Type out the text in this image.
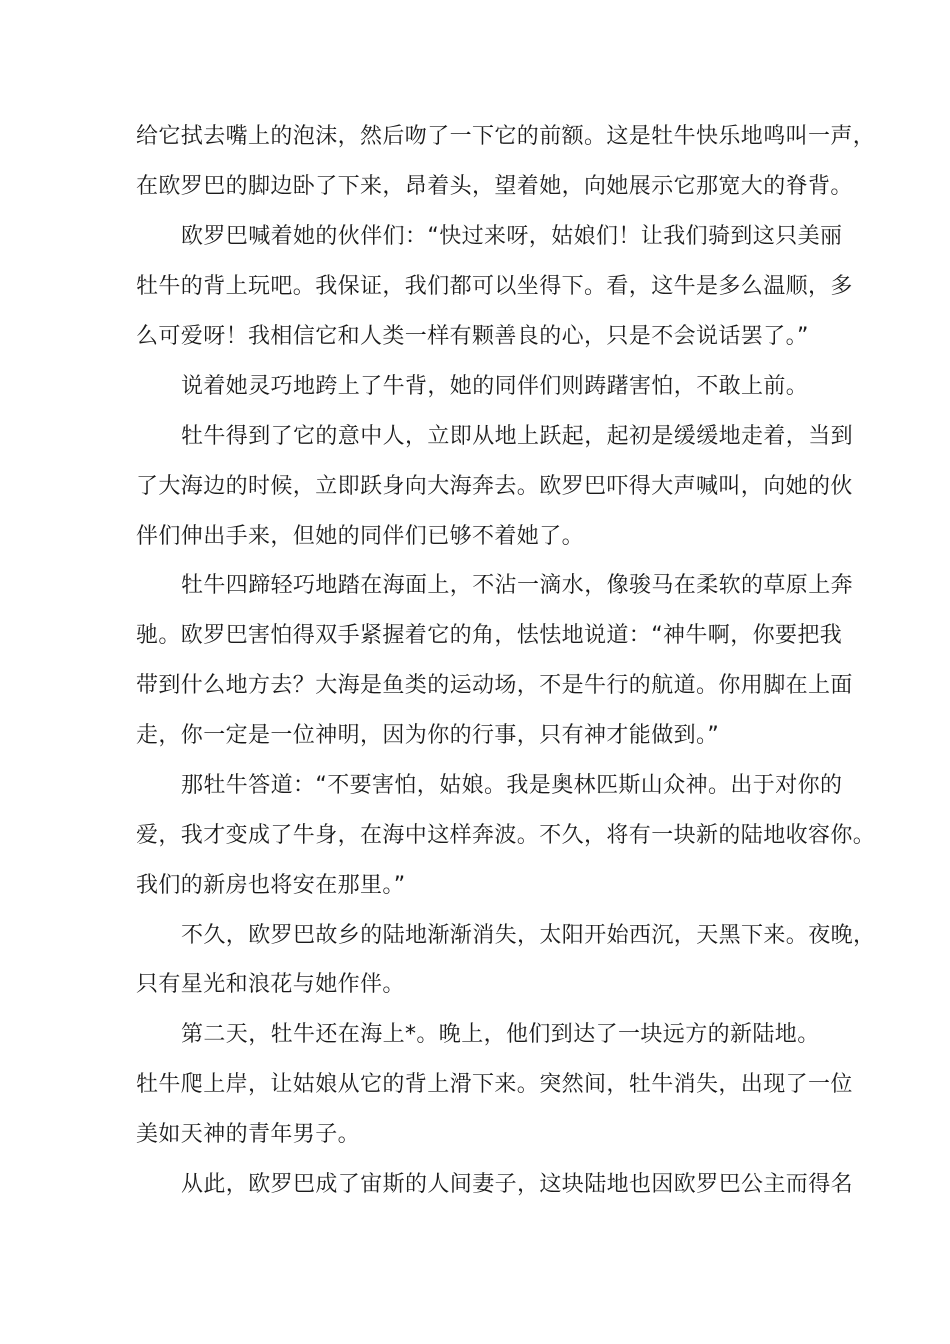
给它拭去嘴上的泡沫，然后吻了一下它的前额。这是牡牛快乐地鸣叫一声，
在欧罗巴的脚边卧了下来，昂着头，望着她，向她展示它那宽大的脊背。
欧罗巴喊着她的伙伴们：“快过来呀，姑娘们！让我们骑到这只美丽
牡牛的背上玩吧。我保证，我们都可以坐得下。看，这牛是多么温顺，多
么可爱呀！我相信它和人类一样有颗善良的心，只是不会说话罢了。”
说着她灵巧地跨上了牛背，她的同伴们则踌躇害怕，不敢上前。
牡牛得到了它的意中人，立即从地上跃起，起初是缓缓地走着，当到
了大海边的时候，立即跃身向大海奔去。欧罗巴吓得大声喊叫，向她的伙
伴们伸出手来，但她的同伴们已够不着她了。
牡牛四蹄轻巧地踏在海面上，不沾一滴水，像骏马在柔软的草原上奔
驰。欧罗巴害怕得双手紧握着它的角，怯怯地说道：“神牛啊，你要把我
带到什么地方去？大海是鱼类的运动场，不是牛行的航道。你用脚在上面
走，你一定是一位神明，因为你的行事，只有神才能做到。”
那牡牛答道：“不要害怕，姑娘。我是奥林匹斯山众神。出于对你的
爱，我才变成了牛身，在海中这样奔波。不久，将有一块新的陆地收容你。
我们的新房也将安在那里。”
不久，欧罗巴故乡的陆地渐渐消失，太阳开始西沉，天黑下来。夜晚，
只有星光和浪花与她作伴。
第二天，牡牛还在海上*。晚上，他们到达了一块远方的新陆地。
牡牛爬上岸，让姑娘从它的背上滑下来。突然间，牡牛消失，出现了一位
美如天神的青年男子。
从此，欧罗巴成了宙斯的人间妻子，这块陆地也因欧罗巴公主而得名
